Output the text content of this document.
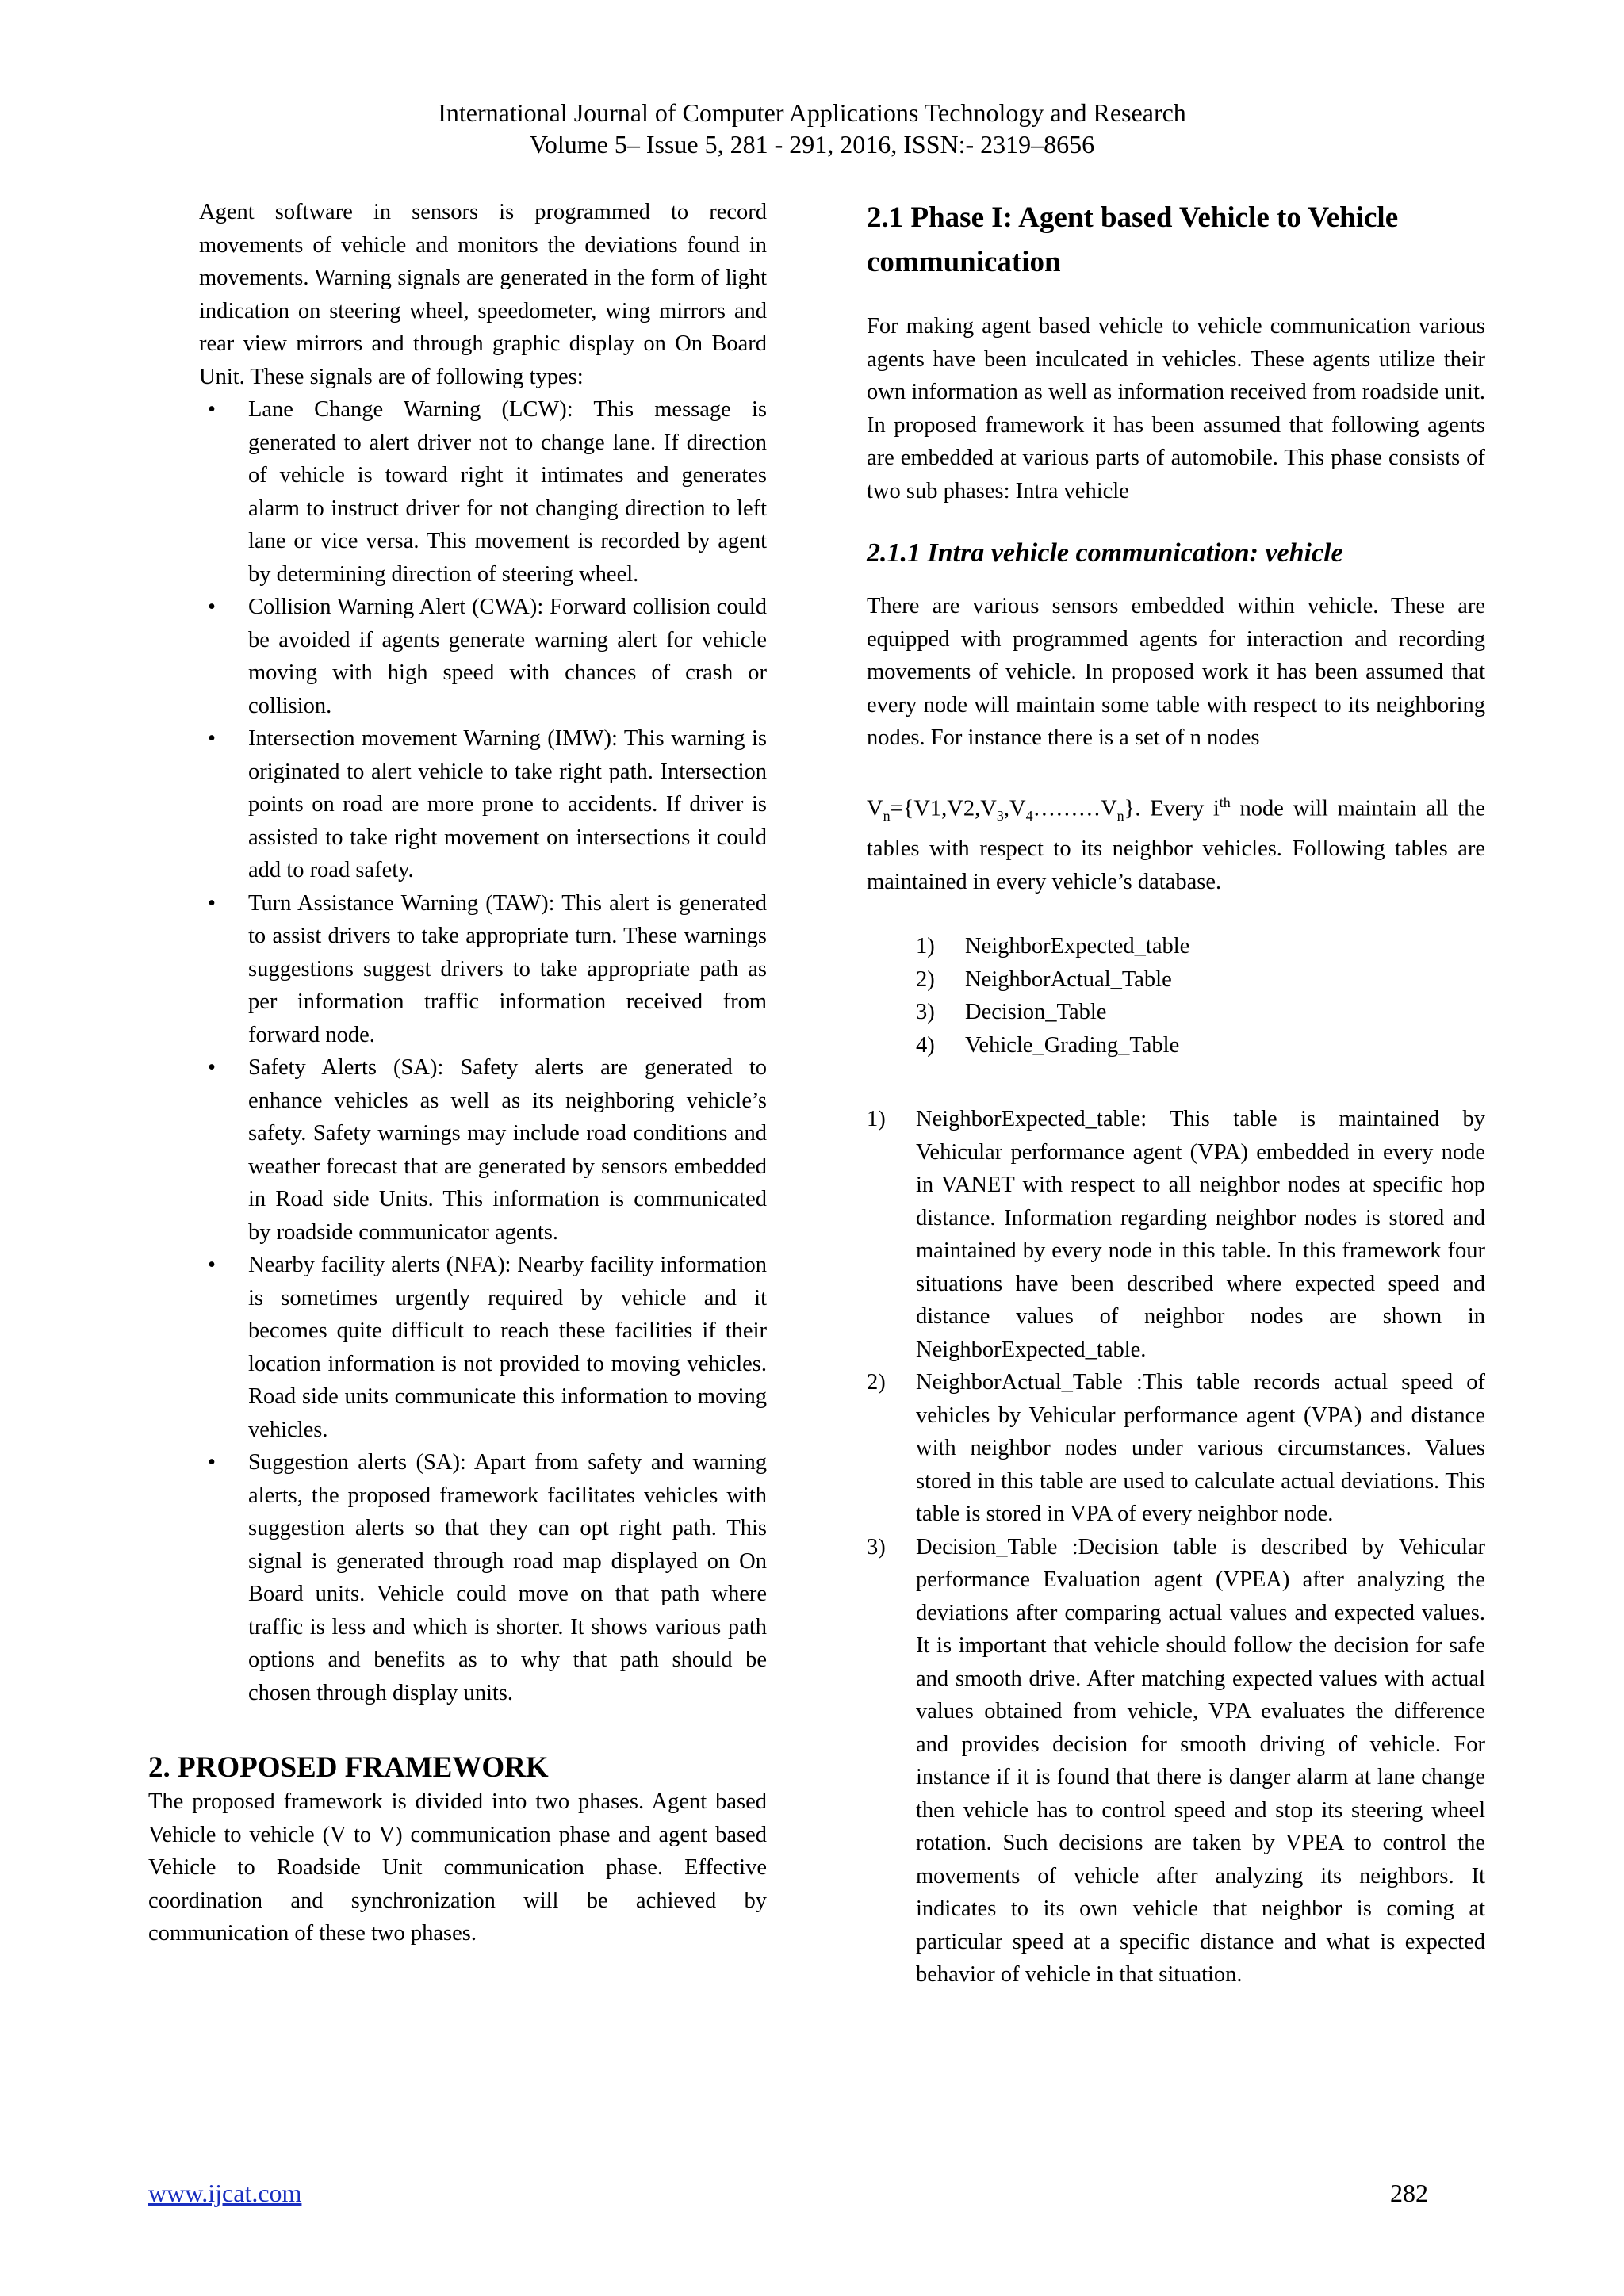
International Journal of Computer Applications Technology and Research
Volume 5– Issue 5, 281 - 291, 2016, ISSN:- 2319–8656

Agent software in sensors is programmed to record movements of vehicle and monitors the deviations found in movements. Warning signals are generated in the form of light indication on steering wheel, speedometer, wing mirrors and rear view mirrors and through graphic display on On Board Unit. These signals are of following types:

• Lane Change Warning (LCW): This message is generated to alert driver not to change lane. If direction of vehicle is toward right it intimates and generates alarm to instruct driver for not changing direction to left lane or vice versa. This movement is recorded by agent by determining direction of steering wheel.
• Collision Warning Alert (CWA): Forward collision could be avoided if agents generate warning alert for vehicle moving with high speed with chances of crash or collision.
• Intersection movement Warning (IMW): This warning is originated to alert vehicle to take right path. Intersection points on road are more prone to accidents. If driver is assisted to take right movement on intersections it could add to road safety.
• Turn Assistance Warning (TAW): This alert is generated to assist drivers to take appropriate turn. These warnings suggestions suggest drivers to take appropriate path as per information traffic information received from forward node.
• Safety Alerts (SA): Safety alerts are generated to enhance vehicles as well as its neighboring vehicle’s safety. Safety warnings may include road conditions and weather forecast that are generated by sensors embedded in Road side Units. This information is communicated by roadside communicator agents.
• Nearby facility alerts (NFA): Nearby facility information is sometimes urgently required by vehicle and it becomes quite difficult to reach these facilities if their location information is not provided to moving vehicles. Road side units communicate this information to moving vehicles.
• Suggestion alerts (SA): Apart from safety and warning alerts, the proposed framework facilitates vehicles with suggestion alerts so that they can opt right path. This signal is generated through road map displayed on On Board units. Vehicle could move on that path where traffic is less and which is shorter. It shows various path options and benefits as to why that path should be chosen through display units.
2. PROPOSED FRAMEWORK

The proposed framework is divided into two phases. Agent based Vehicle to vehicle (V to V) communication phase and agent based Vehicle to Roadside Unit communication phase. Effective coordination and synchronization will be achieved by communication of these two phases.

2.1 Phase I: Agent based Vehicle to Vehicle communication

For making agent based vehicle to vehicle communication various agents have been inculcated in vehicles. These agents utilize their own information as well as information received from roadside unit. In proposed framework it has been assumed that following agents are embedded at various parts of automobile. This phase consists of two sub phases: Intra vehicle

2.1.1 Intra vehicle communication: vehicle

There are various sensors embedded within vehicle. These are equipped with programmed agents for interaction and recording movements of vehicle. In proposed work it has been assumed that every node will maintain some table with respect to its neighboring nodes. For instance there is a set of n nodes

$V_n=\{V1,V2,V_3,V_4\dots\dots\dots V_n\}$. Every $i^{th}$ node will maintain all the tables with respect to its neighbor vehicles. Following tables are maintained in every vehicle’s database.

1) NeighborExpected_table
2) NeighborActual_Table
3) Decision_Table
4) Vehicle_Grading_Table
1) NeighborExpected_table: This table is maintained by Vehicular performance agent (VPA) embedded in every node in VANET with respect to all neighbor nodes at specific hop distance. Information regarding neighbor nodes is stored and maintained by every node in this table. In this framework four situations have been described where expected speed and distance values of neighbor nodes are shown in NeighborExpected_table.
2) NeighborActual_Table :This table records actual speed of vehicles by Vehicular performance agent (VPA) and distance with neighbor nodes under various circumstances. Values stored in this table are used to calculate actual deviations. This table is stored in VPA of every neighbor node.
3) Decision_Table :Decision table is described by Vehicular performance Evaluation agent (VPEA) after analyzing the deviations after comparing actual values and expected values. It is important that vehicle should follow the decision for safe and smooth drive. After matching expected values with actual values obtained from vehicle, VPA evaluates the difference and provides decision for smooth driving of vehicle. For instance if it is found that there is danger alarm at lane change then vehicle has to control speed and stop its steering wheel rotation. Such decisions are taken by VPEA to control the movements of vehicle after analyzing its neighbors. It indicates to its own vehicle that neighbor is coming at particular speed at a specific distance and what is expected behavior of vehicle in that situation.
www.ijcat.com	282
